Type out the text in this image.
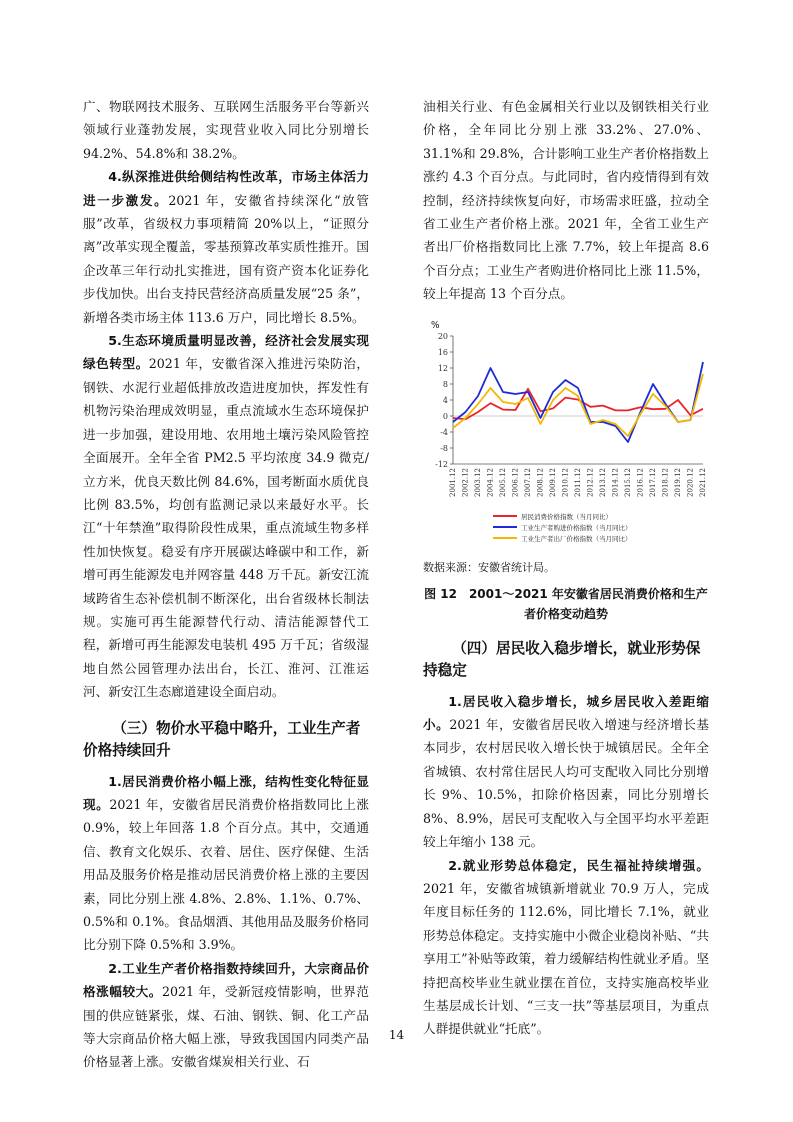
广、物联网技术服务、互联网生活服务平台等新兴领域行业蓬勃发展，实现营业收入同比分别增长 94.2%、54.8%和 38.2%。

4.纵深推进供给侧结构性改革，市场主体活力进一步激发。2021 年，安徽省持续深化“放管服”改革，省级权力事项精简 20%以上，“证照分离”改革实现全覆盖，零基预算改革实质性推开。国企改革三年行动扎实推进，国有资产资本化证券化步伐加快。出台支持民营经济高质量发展“25 条”，新增各类市场主体 113.6 万户，同比增长 8.5%。

5.生态环境质量明显改善，经济社会发展实现绿色转型。2021 年，安徽省深入推进污染防治，钢铁、水泥行业超低排放改造进度加快，挥发性有机物污染治理成效明显，重点流域水生态环境保护进一步加强，建设用地、农用地土壤污染风险管控全面展开。全年全省 PM2.5 平均浓度 34.9 微克/立方米，优良天数比例 84.6%，国考断面水质优良比例 83.5%，均创有监测记录以来最好水平。长江“十年禁渔”取得阶段性成果，重点流域生物多样性加快恢复。稳妥有序开展碳达峰碳中和工作，新增可再生能源发电并网容量 448 万千瓦。新安江流域跨省生态补偿机制不断深化，出台省级林长制法规。实施可再生能源替代行动、清洁能源替代工程，新增可再生能源发电装机 495 万千瓦；省级湿地自然公园管理办法出台，长江、淮河、江淮运河、新安江生态廊道建设全面启动。

（三）物价水平稳中略升，工业生产者价格持续回升

1.居民消费价格小幅上涨，结构性变化特征显现。2021 年，安徽省居民消费价格指数同比上涨 0.9%，较上年回落 1.8 个百分点。其中，交通通信、教育文化娱乐、衣着、居住、医疗保健、生活用品及服务价格是推动居民消费价格上涨的主要因素，同比分别上涨 4.8%、2.8%、1.1%、0.7%、0.5%和 0.1%。食品烟酒、其他用品及服务价格同比分别下降 0.5%和 3.9%。

2.工业生产者价格指数持续回升，大宗商品价格涨幅较大。2021 年，受新冠疫情影响，世界范围的供应链紧张，煤、石油、钢铁、铜、化工产品等大宗商品价格大幅上涨，导致我国国内同类产品价格显著上涨。安徽省煤炭相关行业、石

油相关行业、有色金属相关行业以及钢铁相关行业价格，全年同比分别上涨 33.2%、27.0%、31.1%和 29.8%，合计影响工业生产者价格指数上涨约 4.3 个百分点。与此同时，省内疫情得到有效控制，经济持续恢复向好，市场需求旺盛，拉动全省工业生产者价格上涨。2021 年，全省工业生产者出厂价格指数同比上涨 7.7%，较上年提高 8.6 个百分点；工业生产者购进价格同比上涨 11.5%，较上年提高 13 个百分点。

%
-12
-8
-4
0
4
8
12
16
20
2001.12 2002.12 2003.12 2004.12 2005.12 2006.12 2007.12 2008.12 2009.12 2010.12 2011.12 2012.12 2013.12 2014.12 2015.12 2016.12 2017.12 2018.12 2019.12 2020.12 2021.12
居民消费价格指数（当月同比）
工业生产者购进价格指数（当月同比）
工业生产者出厂价格指数（当月同比）
数据来源：安徽省统计局。
图 12　2001～2021 年安徽省居民消费价格和生产者价格变动趋势
（四）居民收入稳步增长，就业形势保持稳定

1.居民收入稳步增长，城乡居民收入差距缩小。2021 年，安徽省居民收入增速与经济增长基本同步，农村居民收入增长快于城镇居民。全年全省城镇、农村常住居民人均可支配收入同比分别增长 9%、10.5%，扣除价格因素，同比分别增长 8%、8.9%，居民可支配收入与全国平均水平差距较上年缩小 138 元。

2.就业形势总体稳定，民生福祉持续增强。2021 年，安徽省城镇新增就业 70.9 万人，完成年度目标任务的 112.6%，同比增长 7.1%，就业形势总体稳定。支持实施中小微企业稳岗补贴、“共享用工”补贴等政策，着力缓解结构性就业矛盾。坚持把高校毕业生就业摆在首位，支持实施高校毕业生基层成长计划、“三支一扶”等基层项目，为重点人群提供就业“托底”。

14
